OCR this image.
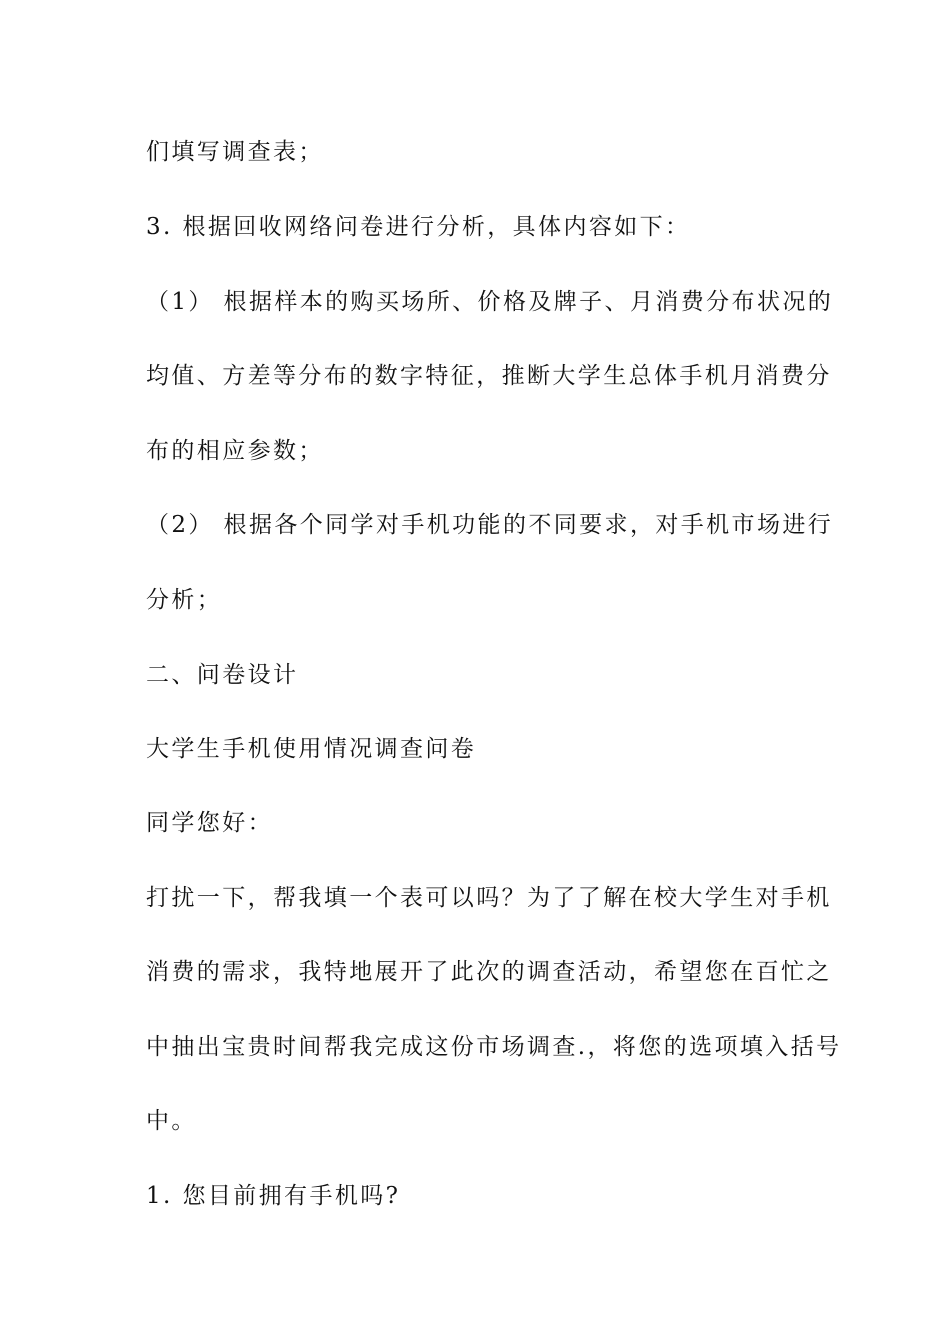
们填写调查表；
3. 根据回收网络问卷进行分析，具体内容如下：
（1） 根据样本的购买场所、价格及牌子、月消费分布状况的
均值、方差等分布的数字特征，推断大学生总体手机月消费分
布的相应参数；
（2） 根据各个同学对手机功能的不同要求，对手机市场进行
分析；
二、问卷设计
大学生手机使用情况调查问卷
同学您好：
打扰一下，帮我填一个表可以吗？为了了解在校大学生对手机
消费的需求，我特地展开了此次的调查活动，希望您在百忙之
中抽出宝贵时间帮我完成这份市场调查.，将您的选项填入括号
中。
1. 您目前拥有手机吗?
